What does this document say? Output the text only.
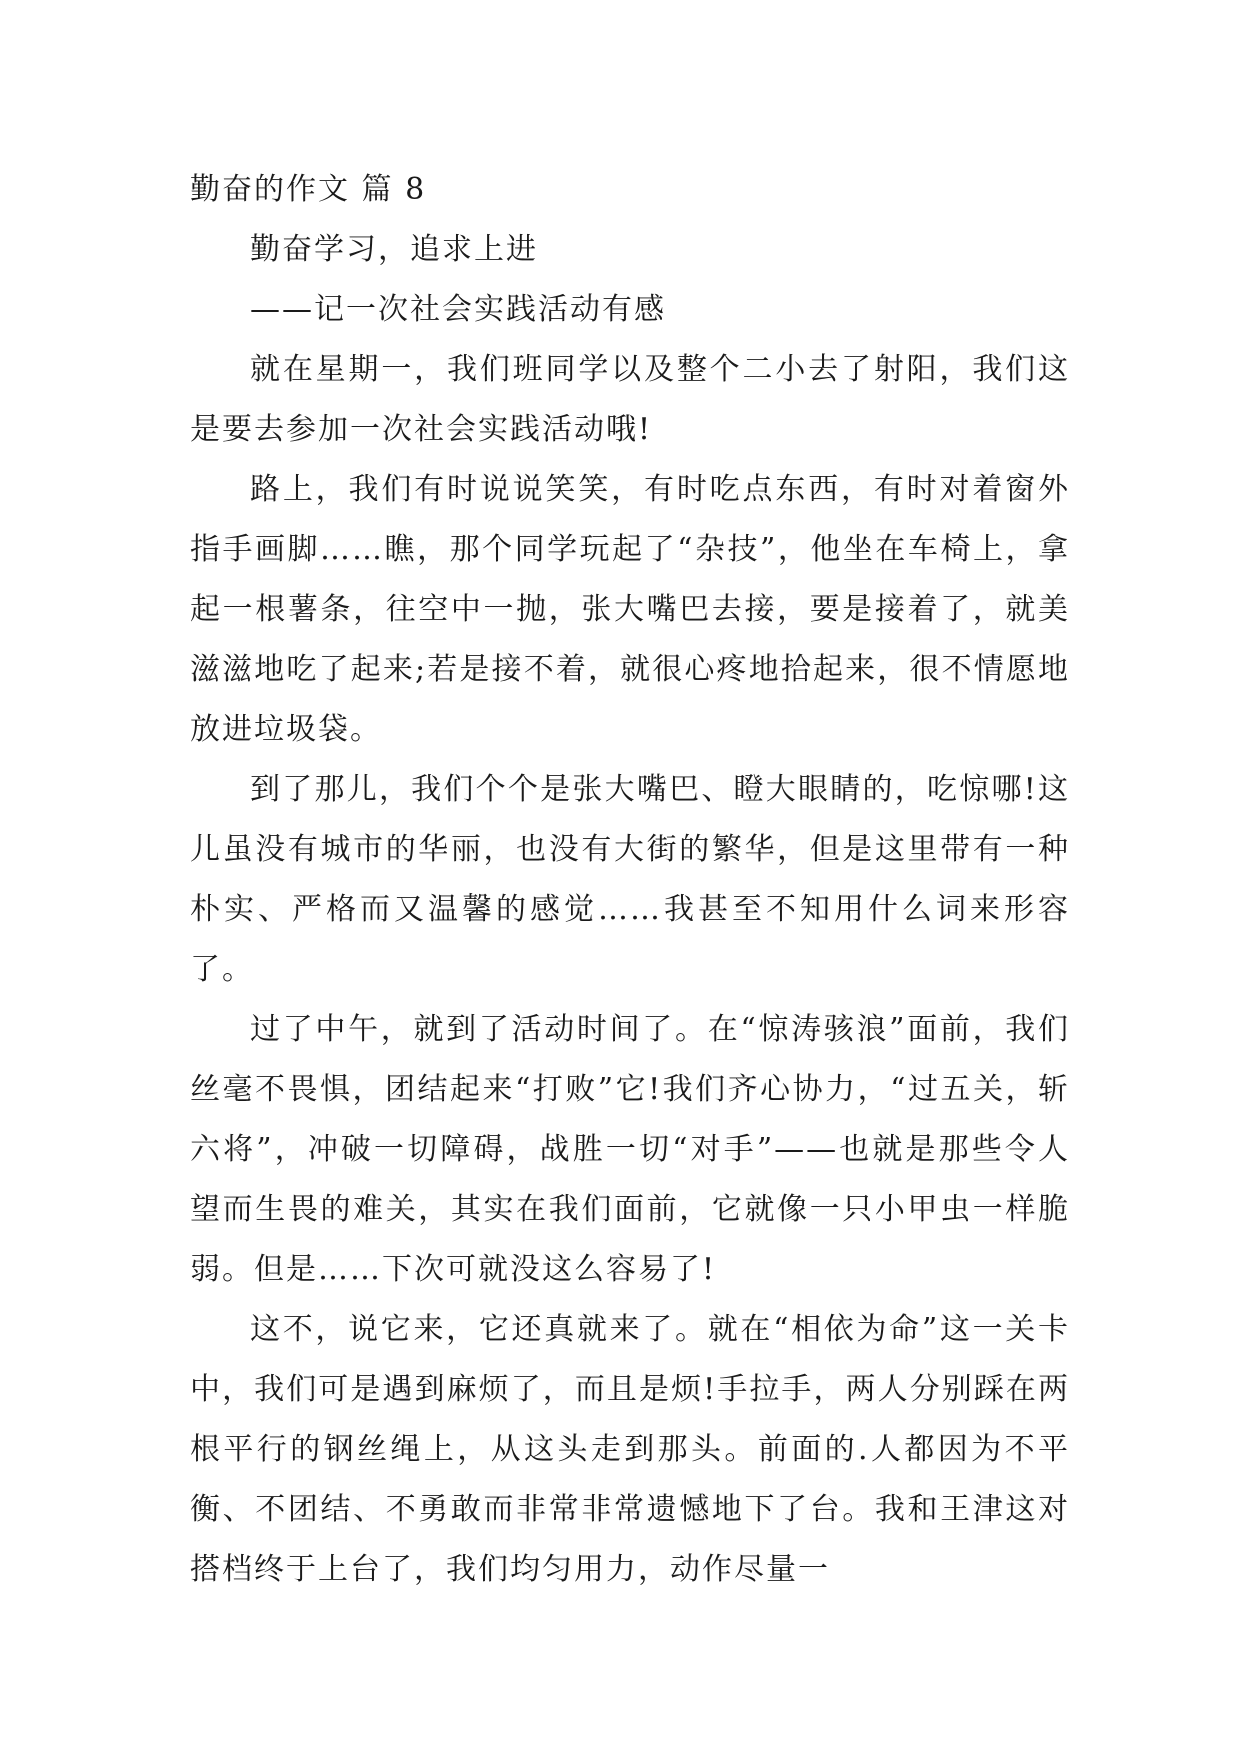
勤奋的作文 篇 8

勤奋学习，追求上进

——记一次社会实践活动有感

就在星期一，我们班同学以及整个二小去了射阳，我们这是要去参加一次社会实践活动哦!

路上，我们有时说说笑笑，有时吃点东西，有时对着窗外指手画脚……瞧，那个同学玩起了“杂技”，他坐在车椅上，拿起一根薯条，往空中一抛，张大嘴巴去接，要是接着了，就美滋滋地吃了起来;若是接不着，就很心疼地拾起来，很不情愿地放进垃圾袋。

到了那儿，我们个个是张大嘴巴、瞪大眼睛的，吃惊哪!这儿虽没有城市的华丽，也没有大街的繁华，但是这里带有一种朴实、严格而又温馨的感觉……我甚至不知用什么词来形容了。

过了中午，就到了活动时间了。在“惊涛骇浪”面前，我们丝毫不畏惧，团结起来“打败”它!我们齐心协力，“过五关，斩六将”，冲破一切障碍，战胜一切“对手”——也就是那些令人望而生畏的难关，其实在我们面前，它就像一只小甲虫一样脆弱。但是……下次可就没这么容易了!

这不，说它来，它还真就来了。就在“相依为命”这一关卡中，我们可是遇到麻烦了，而且是烦!手拉手，两人分别踩在两根平行的钢丝绳上，从这头走到那头。前面的.人都因为不平衡、不团结、不勇敢而非常非常遗憾地下了台。我和王津这对搭档终于上台了，我们均匀用力，动作尽量一
